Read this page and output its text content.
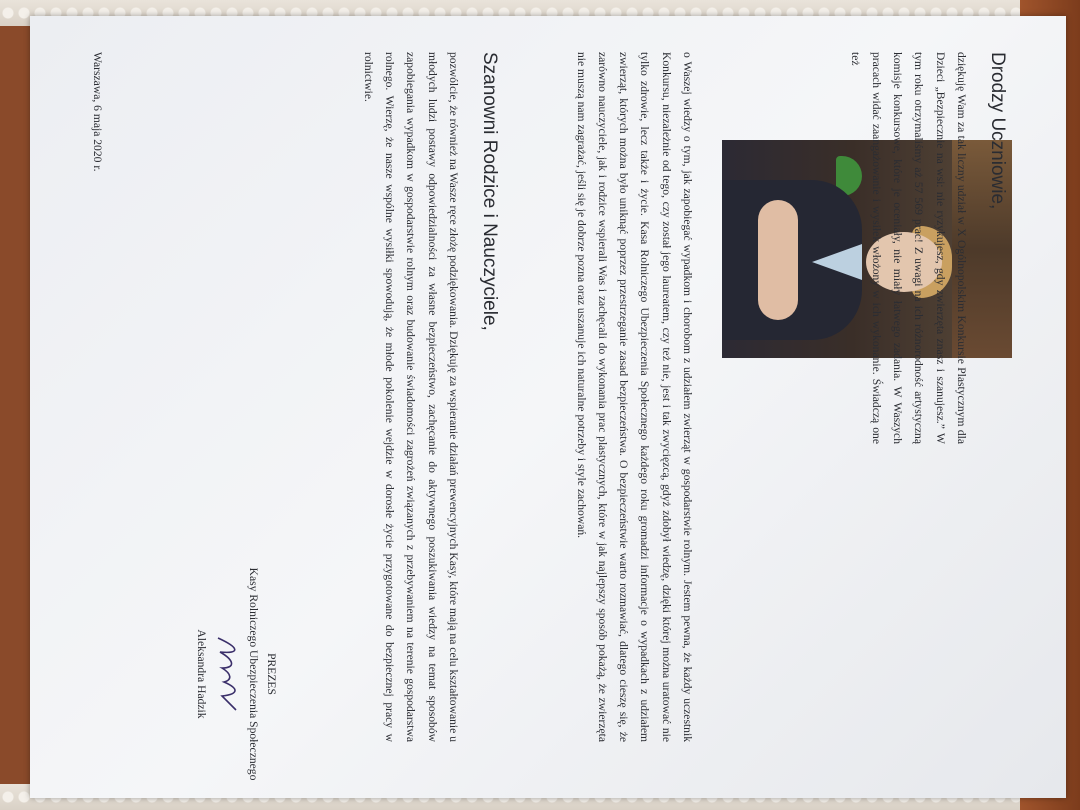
Drodzy Uczniowie,

dziękuję Wam za tak liczny udział w X Ogólnopolskim Konkursie Plastycznym dla Dzieci „Bezpiecznie na wsi: nie ryzykujesz, gdy zwierzęta znasz i szanujesz.” W tym roku otrzymaliśmy aż 57 569 prac! Z uwagi na ich różnorodność artystyczną komisje konkursowe, które je oceniały, nie miały łatwego zadania. W Waszych pracach widać zaangażowanie i wysiłek włożony w ich wykonanie. Świadczą one też

o Waszej wiedzy o tym, jak zapobiegać wypadkom i chorobom z udziałem zwierząt w gospodarstwie rolnym. Jestem pewna, że każdy uczestnik Konkursu, niezależnie od tego, czy został jego laureatem, czy też nie, jest i tak zwycięzcą, gdyż zdobył wiedzę, dzięki której można uratować nie tylko zdrowie, lecz także i życie. Kasa Rolniczego Ubezpieczenia Społecznego każdego roku gromadzi informacje o wypadkach z udziałem zwierząt, których można było uniknąć poprzez przestrzeganie zasad bezpieczeństwa. O bezpieczeństwie warto rozmawiać, dlatego cieszę się, że zarówno nauczyciele, jak i rodzice wspierali Was i zachęcali do wykonania prac plastycznych, które w jak najlepszy sposób pokażą, że zwierzęta nie muszą nam zagrażać, jeśli się je dobrze pozna oraz uszanuje ich naturalne potrzeby i style zachowań.

Szanowni Rodzice i Nauczyciele,

pozwólcie, że również na Wasze ręce złożę podziękowania. Dziękuję za wspieranie działań prewencyjnych Kasy, które mają na celu kształtowanie u młodych ludzi postawy odpowiedzialności za własne bezpieczeństwo, zachęcanie do aktywnego poszukiwania wiedzy na temat sposobów zapobiegania wypadkom w gospodarstwie rolnym oraz budowanie świadomości zagrożeń związanych z przebywaniem na terenie gospodarstwa rolnego. Wierzę, że nasze wspólne wysiłki spowodują, że młode pokolenie wejdzie w dorosłe życie przygotowane do bezpiecznej pracy w rolnictwie.

PREZES
Kasy Rolniczego Ubezpieczenia Społecznego
Aleksandra Hadzik
Warszawa, 6 maja 2020 r.
